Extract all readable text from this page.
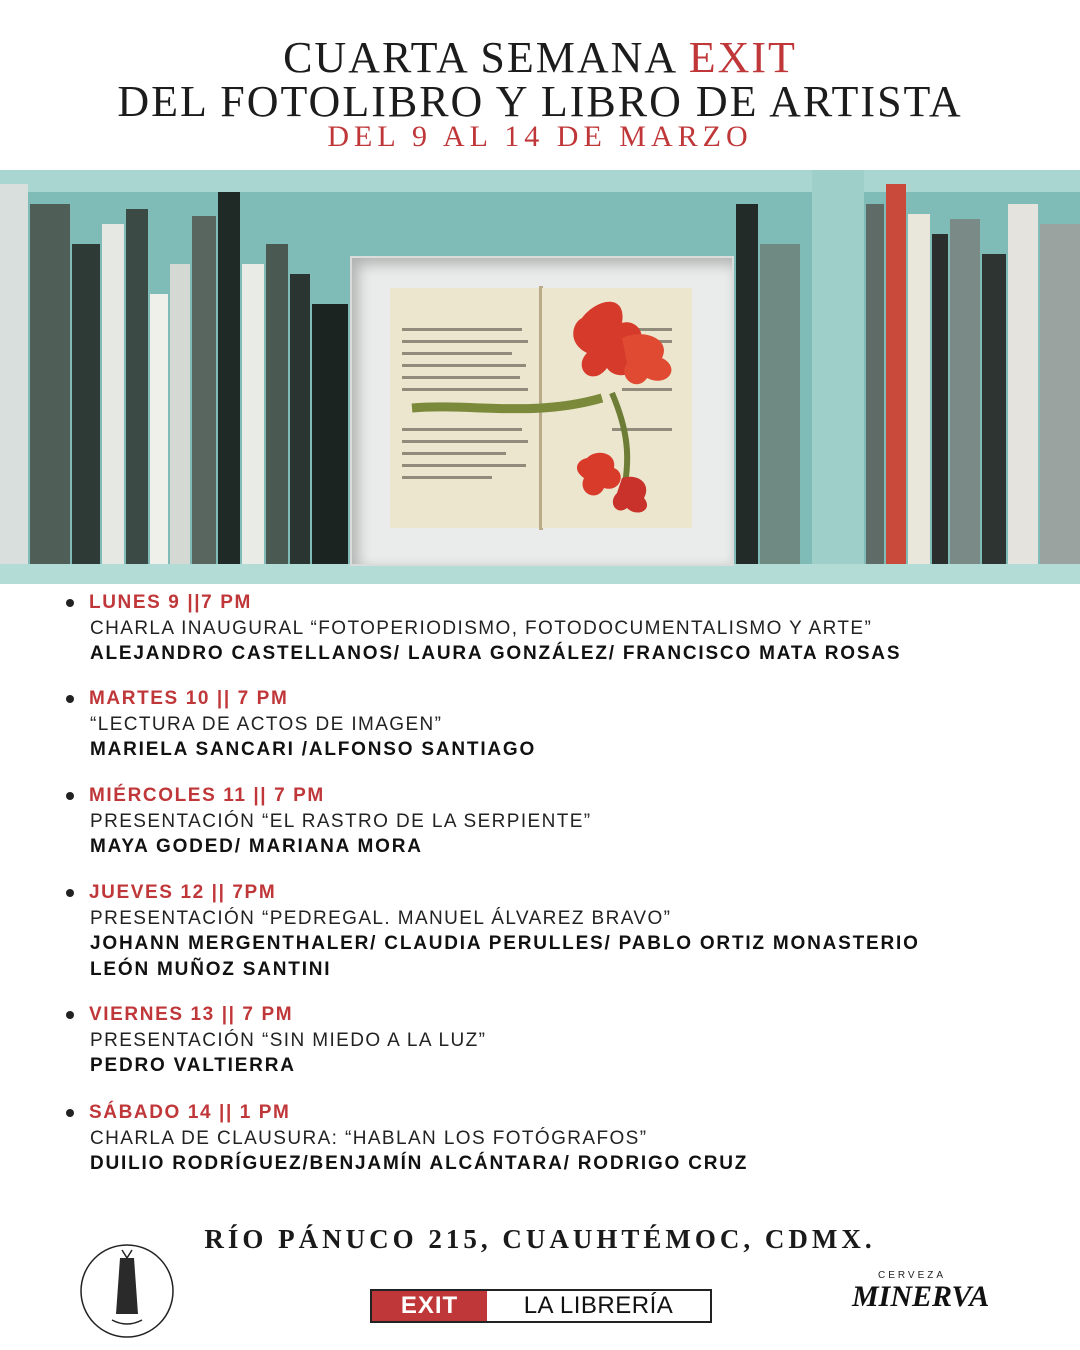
CUARTA SEMANA EXIT
DEL FOTOLIBRO Y LIBRO DE ARTISTA
DEL 9 AL 14 DE MARZO
LUNES 9 ||7 PM
CHARLA INAUGURAL “FOTOPERIODISMO, FOTODOCUMENTALISMO Y ARTE”
ALEJANDRO CASTELLANOS/ LAURA GONZÁLEZ/ FRANCISCO MATA ROSAS
MARTES 10 || 7 PM
“LECTURA DE ACTOS DE IMAGEN”
MARIELA SANCARI /ALFONSO SANTIAGO
MIÉRCOLES 11 || 7 PM
PRESENTACIÓN “EL RASTRO DE LA SERPIENTE”
MAYA GODED/ MARIANA MORA
JUEVES 12 || 7PM
PRESENTACIÓN “PEDREGAL. MANUEL ÁLVAREZ BRAVO”
JOHANN MERGENTHALER/ CLAUDIA PERULLES/ PABLO ORTIZ MONASTERIO
LEÓN MUÑOZ SANTINI
VIERNES 13 || 7 PM
PRESENTACIÓN “SIN MIEDO A LA LUZ”
PEDRO VALTIERRA
SÁBADO 14 || 1 PM
CHARLA DE CLAUSURA: “HABLAN LOS FOTÓGRAFOS”
DUILIO RODRÍGUEZ/BENJAMÍN ALCÁNTARA/ RODRIGO CRUZ
RÍO PÁNUCO 215, CUAUHTÉMOC, CDMX.
EXIT	LA LIBRERÍA
CERVEZA
MINERVA
